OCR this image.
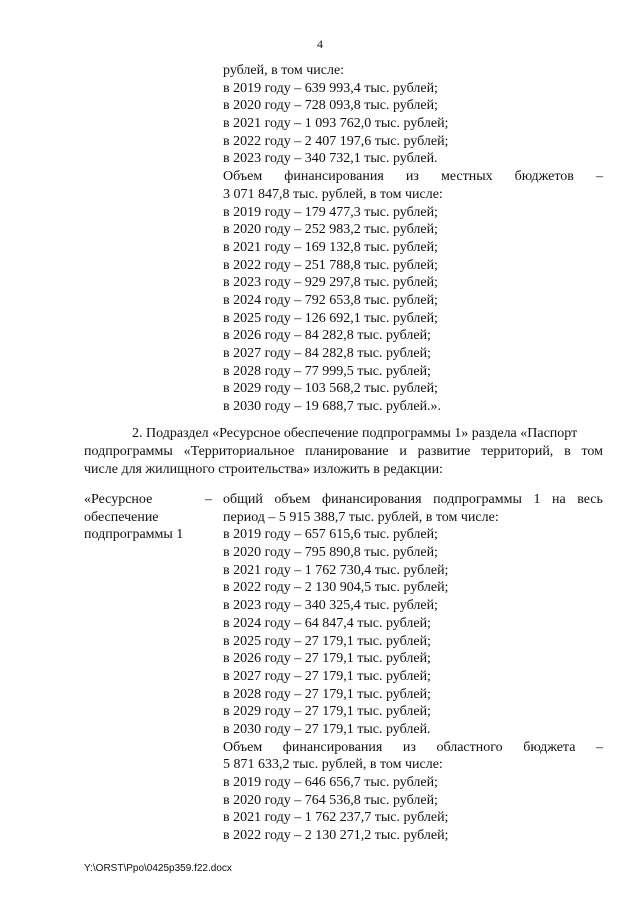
4
рублей, в том числе:
в 2019 году – 639 993,4 тыс. рублей;
в 2020 году – 728 093,8 тыс. рублей;
в 2021 году – 1 093 762,0 тыс. рублей;
в 2022 году – 2 407 197,6 тыс. рублей;
в 2023 году – 340 732,1 тыс. рублей.
Объем финансирования из местных бюджетов –
3 071 847,8 тыс. рублей, в том числе:
в 2019 году – 179 477,3 тыс. рублей;
в 2020 году – 252 983,2 тыс. рублей;
в 2021 году – 169 132,8 тыс. рублей;
в 2022 году – 251 788,8 тыс. рублей;
в 2023 году – 929 297,8 тыс. рублей;
в 2024 году – 792 653,8 тыс. рублей;
в 2025 году – 126 692,1 тыс. рублей;
в 2026 году – 84 282,8 тыс. рублей;
в 2027 году – 84 282,8 тыс. рублей;
в 2028 году – 77 999,5 тыс. рублей;
в 2029 году – 103 568,2 тыс. рублей;
в 2030 году – 19 688,7 тыс. рублей.».
2. Подраздел «Ресурсное обеспечение подпрограммы 1» раздела «Паспорт
подпрограммы «Территориальное планирование и развитие территорий, в том
числе для жилищного строительства» изложить в редакции:
«Ресурсное
обеспечение
подпрограммы 1
– общий объем финансирования подпрограммы 1 на весь
период – 5 915 388,7 тыс. рублей, в том числе:
в 2019 году – 657 615,6 тыс. рублей;
в 2020 году – 795 890,8 тыс. рублей;
в 2021 году – 1 762 730,4 тыс. рублей;
в 2022 году – 2 130 904,5 тыс. рублей;
в 2023 году – 340 325,4 тыс. рублей;
в 2024 году – 64 847,4 тыс. рублей;
в 2025 году – 27 179,1 тыс. рублей;
в 2026 году – 27 179,1 тыс. рублей;
в 2027 году – 27 179,1 тыс. рублей;
в 2028 году – 27 179,1 тыс. рублей;
в 2029 году – 27 179,1 тыс. рублей;
в 2030 году – 27 179,1 тыс. рублей.
Объем финансирования из областного бюджета –
5 871 633,2 тыс. рублей, в том числе:
в 2019 году – 646 656,7 тыс. рублей;
в 2020 году – 764 536,8 тыс. рублей;
в 2021 году – 1 762 237,7 тыс. рублей;
в 2022 году – 2 130 271,2 тыс. рублей;
Y:\ORST\Ppo\0425p359.f22.docx
